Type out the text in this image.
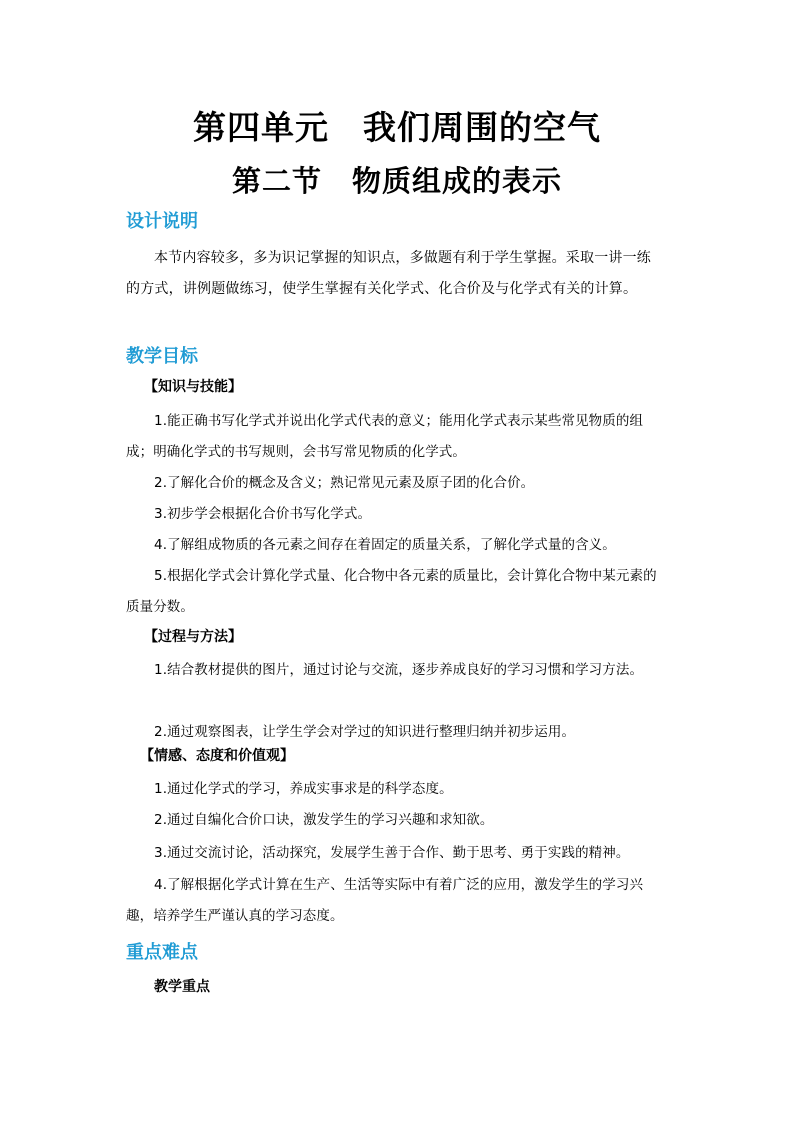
第四单元　我们周围的空气
第二节　物质组成的表示
设计说明
本节内容较多，多为识记掌握的知识点，多做题有利于学生掌握。采取一讲一练的方式，讲例题做练习，使学生掌握有关化学式、化合价及与化学式有关的计算。
教学目标
【知识与技能】
1.能正确书写化学式并说出化学式代表的意义；能用化学式表示某些常见物质的组成；明确化学式的书写规则，会书写常见物质的化学式。
2.了解化合价的概念及含义；熟记常见元素及原子团的化合价。
3.初步学会根据化合价书写化学式。
4.了解组成物质的各元素之间存在着固定的质量关系，了解化学式量的含义。
5.根据化学式会计算化学式量、化合物中各元素的质量比，会计算化合物中某元素的质量分数。
【过程与方法】
1.结合教材提供的图片，通过讨论与交流，逐步养成良好的学习习惯和学习方法。
2.通过观察图表，让学生学会对学过的知识进行整理归纳并初步运用。
【情感、态度和价值观】
1.通过化学式的学习，养成实事求是的科学态度。
2.通过自编化合价口诀，激发学生的学习兴趣和求知欲。
3.通过交流讨论，活动探究，发展学生善于合作、勤于思考、勇于实践的精神。
4.了解根据化学式计算在生产、生活等实际中有着广泛的应用，激发学生的学习兴趣，培养学生严谨认真的学习态度。
重点难点
教学重点
